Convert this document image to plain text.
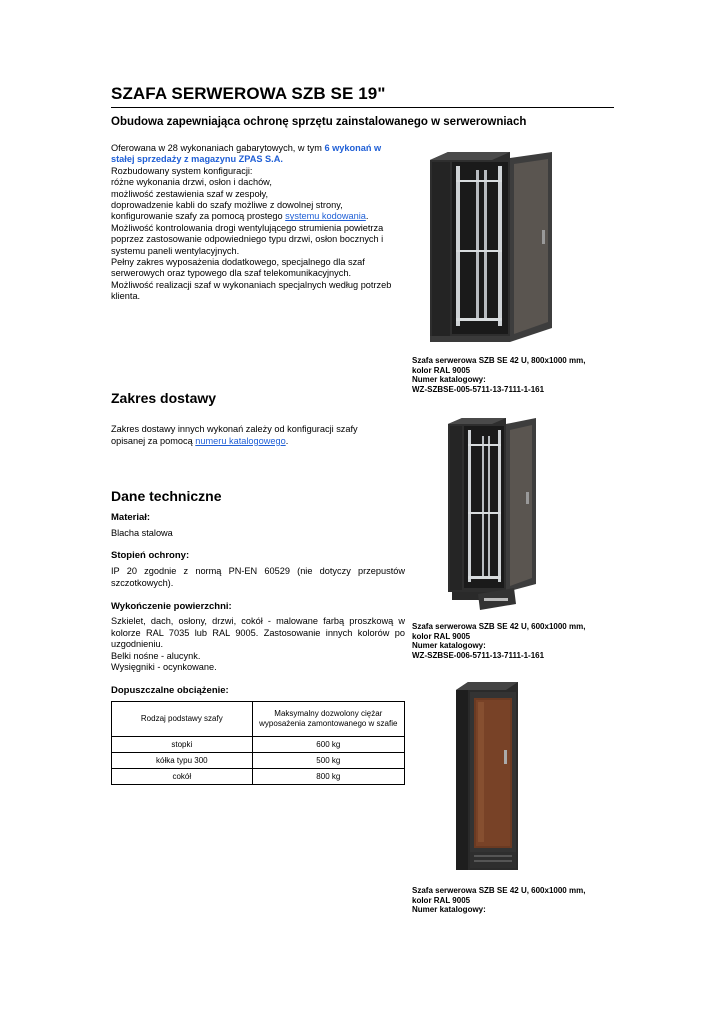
SZAFA SERWEROWA SZB SE 19"
Obudowa zapewniająca ochronę sprzętu zainstalowanego w serwerowniach

Oferowana w 28 wykonaniach gabarytowych, w tym 6 wykonań w stałej sprzedaży z magazynu ZPAS S.A.

Rozbudowany system konfiguracji:

różne wykonania drzwi, osłon i dachów,

możliwość zestawienia szaf w zespoły,

doprowadzenie kabli do szafy możliwe z dowolnej strony,

konfigurowanie szafy za pomocą prostego systemu kodowania.

Możliwość kontrolowania drogi wentylującego strumienia powietrza poprzez zastosowanie odpowiedniego typu drzwi, osłon bocznych i systemu paneli wentylacyjnych.

Pełny zakres wyposażenia dodatkowego, specjalnego dla szaf serwerowych oraz typowego dla szaf telekomunikacyjnych.

Możliwość realizacji szaf w wykonaniach specjalnych według potrzeb klienta.

Szafa serwerowa SZB SE 42 U, 800x1000 mm,
kolor RAL 9005
Numer katalogowy:
WZ-SZBSE-005-5711-13-7111-1-161
Zakres dostawy
Zakres dostawy innych wykonań zależy od konfiguracji szafy opisanej za pomocą numeru katalogowego.
Dane techniczne
Materiał:
Blacha stalowa
Stopień ochrony:
IP 20 zgodnie z normą PN-EN 60529 (nie dotyczy przepustów szczotkowych).
Wykończenie powierzchni:
Szkielet, dach, osłony, drzwi, cokół - malowane farbą proszkową w kolorze RAL 7035 lub RAL 9005. Zastosowanie innych kolorów po uzgodnieniu.
Belki nośne - alucynk.
Wysięgniki - ocynkowane.
Szafa serwerowa SZB SE 42 U, 600x1000 mm,
kolor RAL 9005
Numer katalogowy:
WZ-SZBSE-006-5711-13-7111-1-161
Dopuszczalne obciążenie:
Rodzaj podstawy szafy	Maksymalny dozwolony ciężar wyposażenia zamontowanego w szafie
stopki	600 kg
kółka typu 300	500 kg
cokół	800 kg
Szafa serwerowa SZB SE 42 U, 600x1000 mm,
kolor RAL 9005
Numer katalogowy:
